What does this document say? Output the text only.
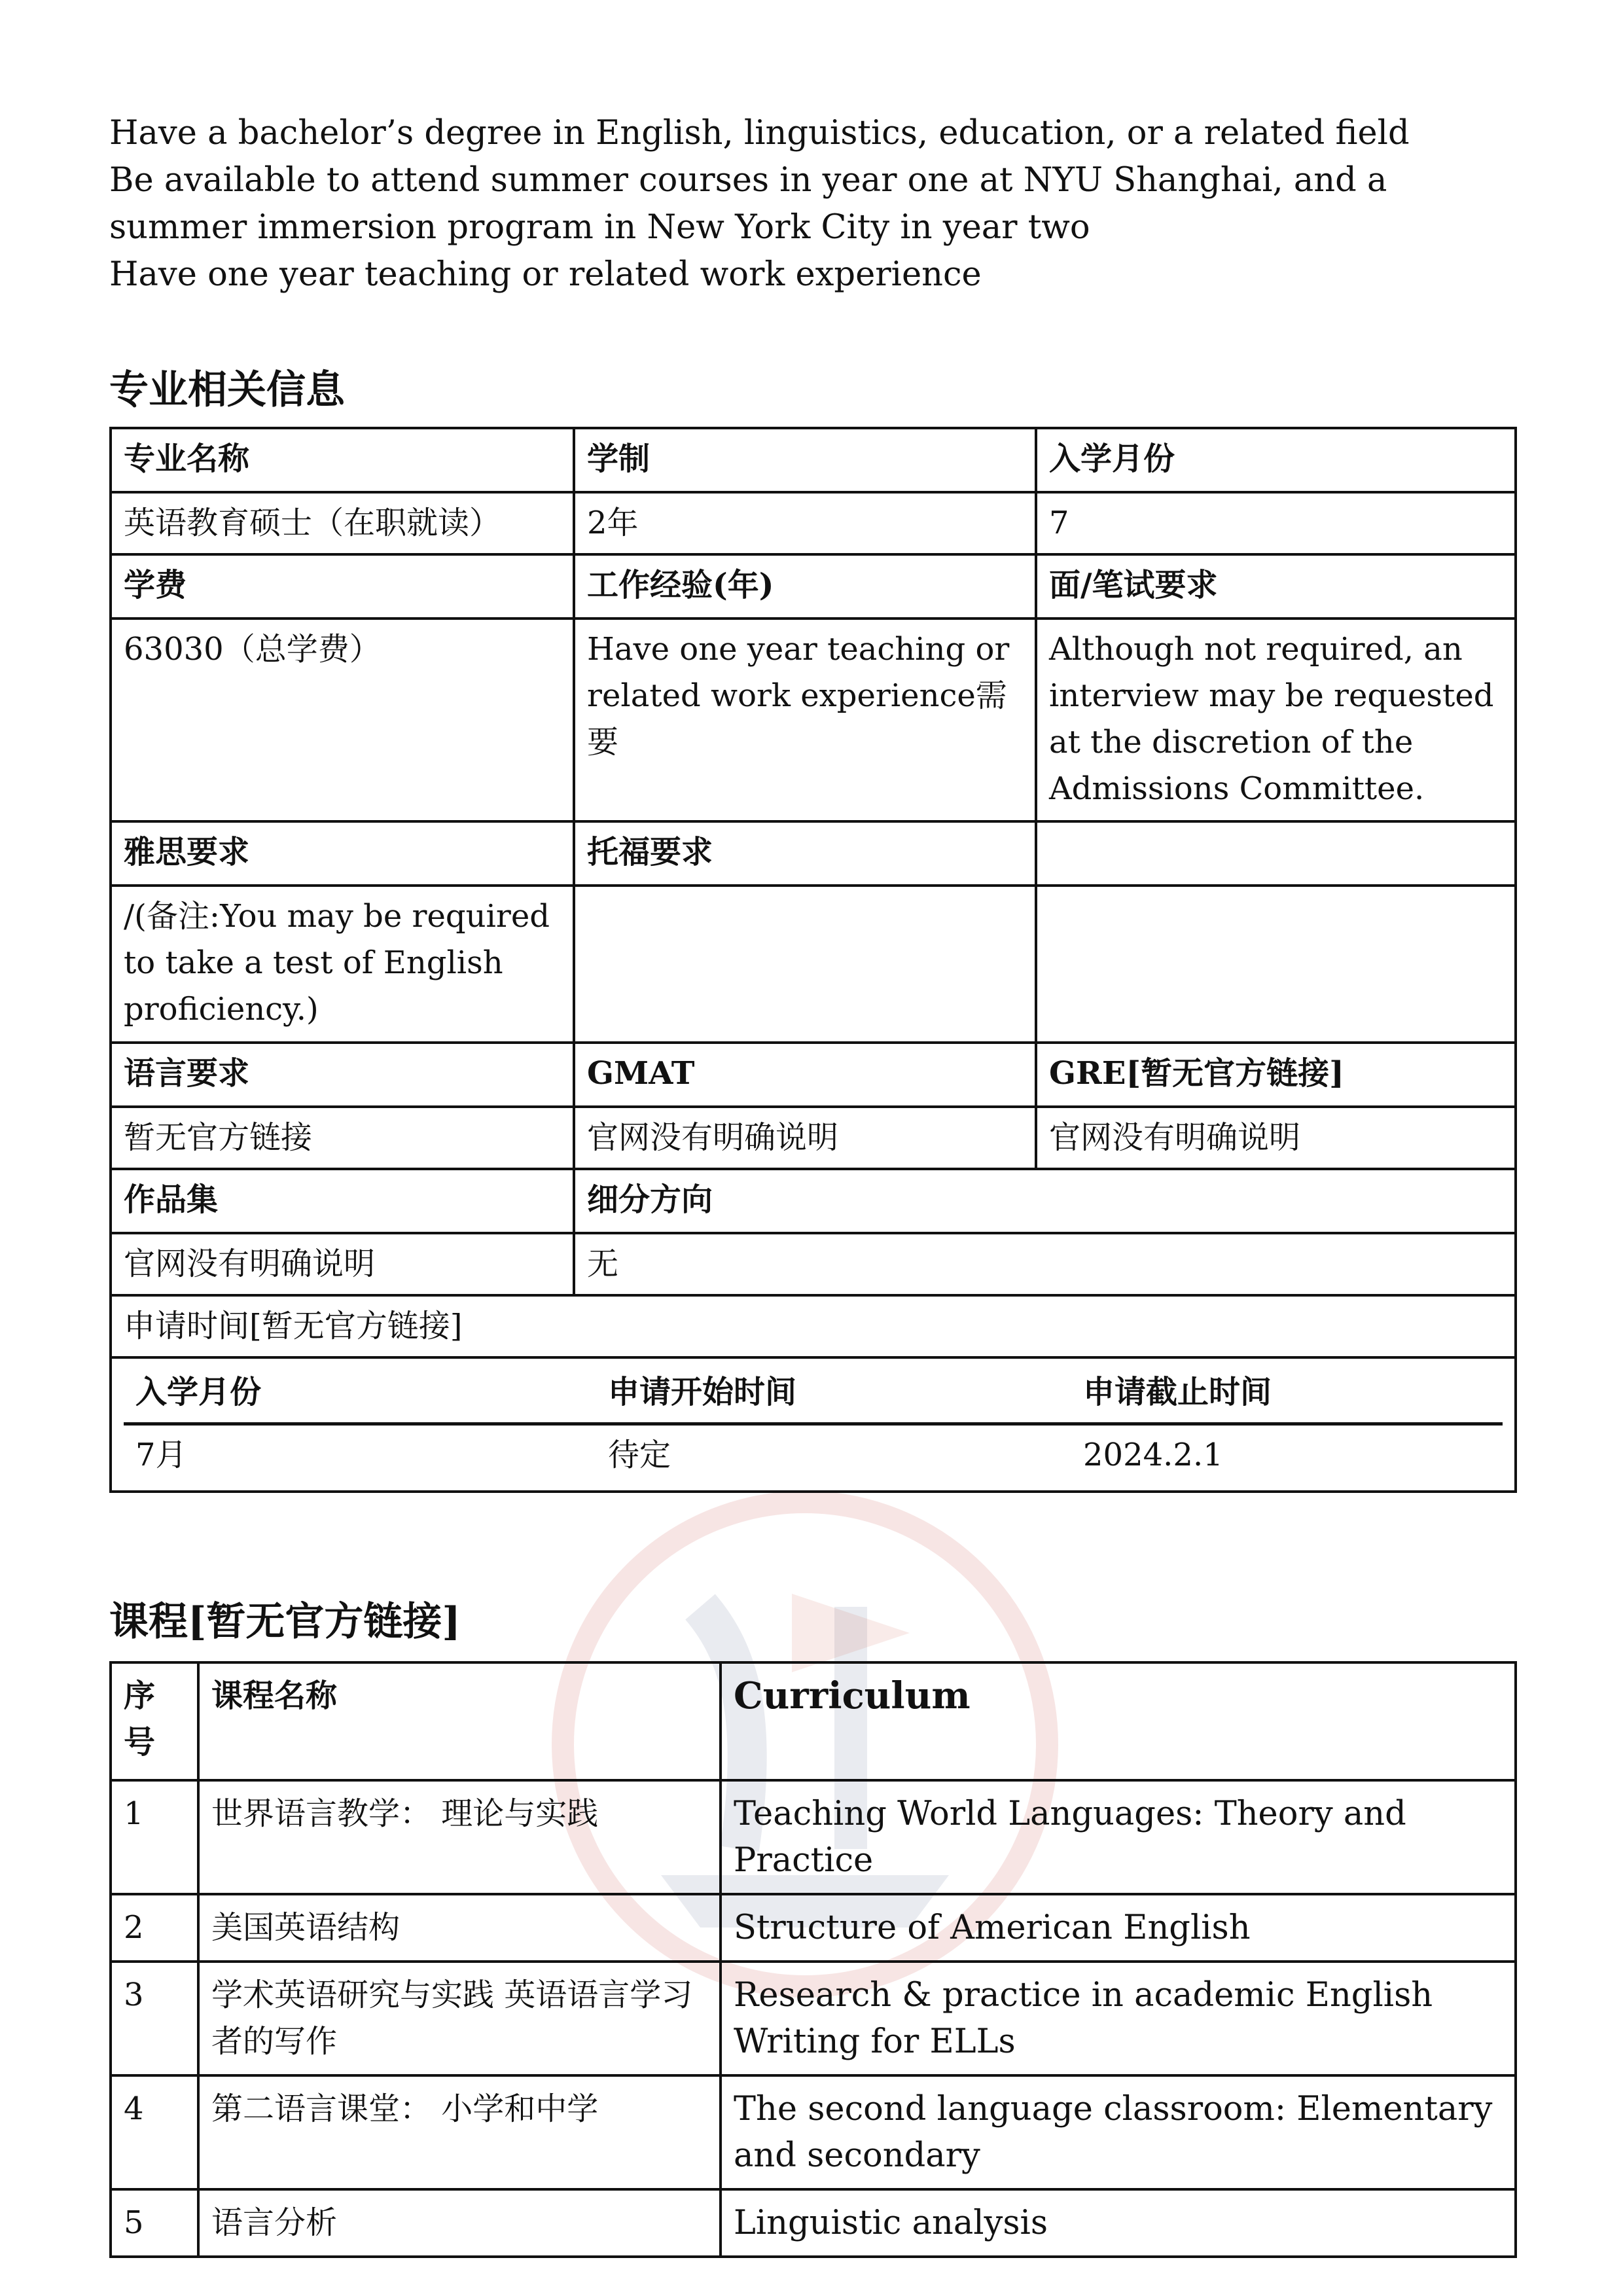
Have a bachelor’s degree in English, linguistics, education, or a related field

Be available to attend summer courses in year one at NYU Shanghai, and a summer immersion program in New York City in year two

Have one year teaching or related work experience

专业相关信息
专业名称	学制	入学月份
英语教育硕士（在职就读）	2年	7
学费	工作经验(年)	面/笔试要求
63030（总学费）	Have one year teaching or related work experience需要	Although not required, an interview may be requested at the discretion of the Admissions Committee.
雅思要求	托福要求	
/(备注:You may be required to take a test of English proficiency.)		
语言要求	GMAT	GRE[暂无官方链接]
暂无官方链接	官网没有明确说明	官网没有明确说明
作品集	细分方向
官网没有明确说明	无
申请时间[暂无官方链接]

入学月份	申请开始时间	申请截止时间
7月	待定	2024.2.1
课程[暂无官方链接]
序号	课程名称	Curriculum
1	世界语言教学： 理论与实践	Teaching World Languages: Theory and Practice
2	美国英语结构	Structure of American English
3	学术英语研究与实践 英语语言学习者的写作	Research & practice in academic English Writing for ELLs
4	第二语言课堂： 小学和中学	The second language classroom: Elementary and secondary
5	语言分析	Linguistic analysis
